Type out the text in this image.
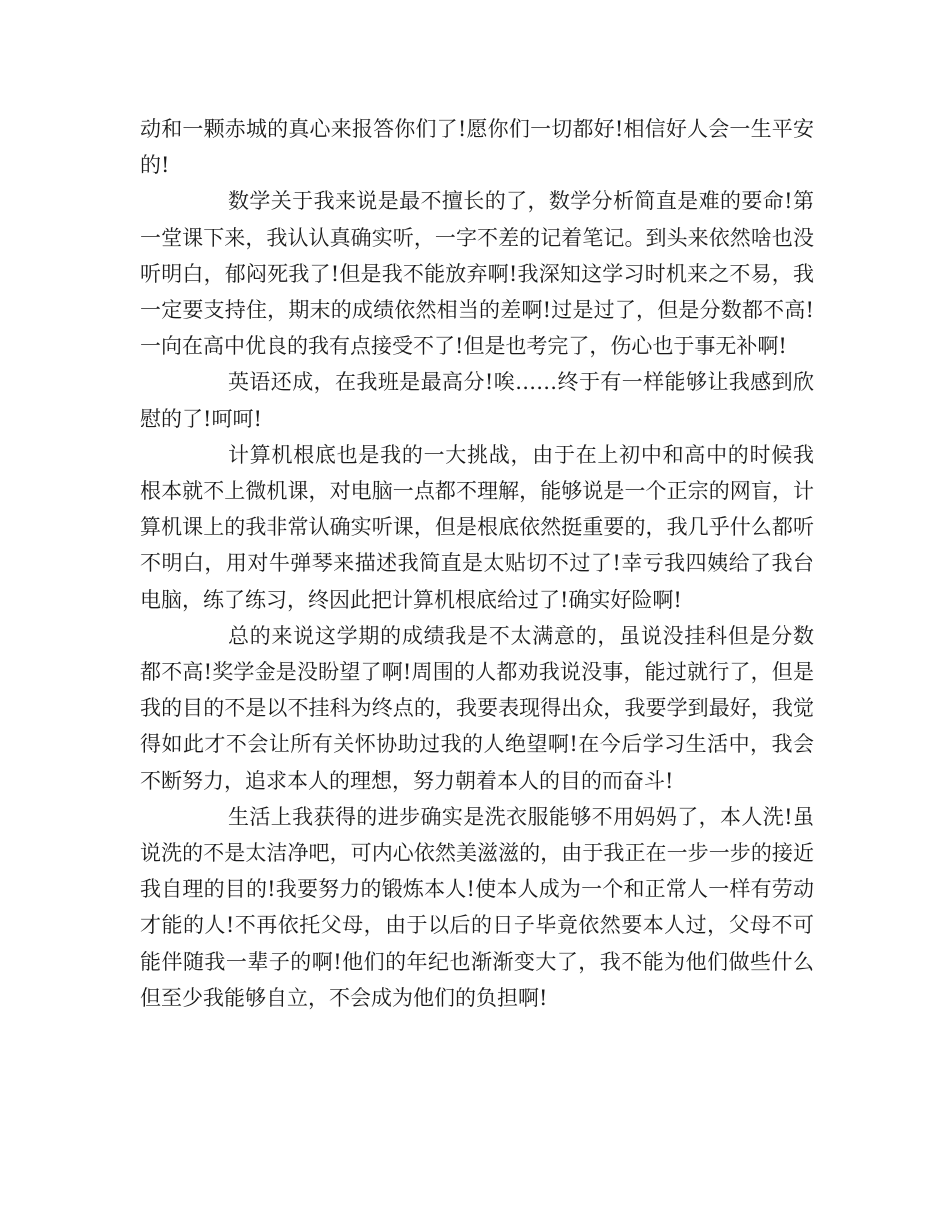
动和一颗赤城的真心来报答你们了!愿你们一切都好!相信好人会一生平安的!

数学关于我来说是最不擅长的了，数学分析简直是难的要命!第一堂课下来，我认认真确实听，一字不差的记着笔记。到头来依然啥也没听明白，郁闷死我了!但是我不能放弃啊!我深知这学习时机来之不易，我一定要支持住，期末的成绩依然相当的差啊!过是过了，但是分数都不高!一向在高中优良的我有点接受不了!但是也考完了，伤心也于事无补啊!

英语还成，在我班是最高分!唉……终于有一样能够让我感到欣慰的了!呵呵!

计算机根底也是我的一大挑战，由于在上初中和高中的时候我根本就不上微机课，对电脑一点都不理解，能够说是一个正宗的网盲，计算机课上的我非常认确实听课，但是根底依然挺重要的，我几乎什么都听不明白，用对牛弹琴来描述我简直是太贴切不过了!幸亏我四姨给了我台电脑，练了练习，终因此把计算机根底给过了!确实好险啊!

总的来说这学期的成绩我是不太满意的，虽说没挂科但是分数都不高!奖学金是没盼望了啊!周围的人都劝我说没事，能过就行了，但是我的目的不是以不挂科为终点的，我要表现得出众，我要学到最好，我觉得如此才不会让所有关怀协助过我的人绝望啊!在今后学习生活中，我会不断努力，追求本人的理想，努力朝着本人的目的而奋斗!

生活上我获得的进步确实是洗衣服能够不用妈妈了，本人洗!虽说洗的不是太洁净吧，可内心依然美滋滋的，由于我正在一步一步的接近我自理的目的!我要努力的锻炼本人!使本人成为一个和正常人一样有劳动才能的人!不再依托父母，由于以后的日子毕竟依然要本人过，父母不可能伴随我一辈子的啊!他们的年纪也渐渐变大了，我不能为他们做些什么但至少我能够自立，不会成为他们的负担啊!
